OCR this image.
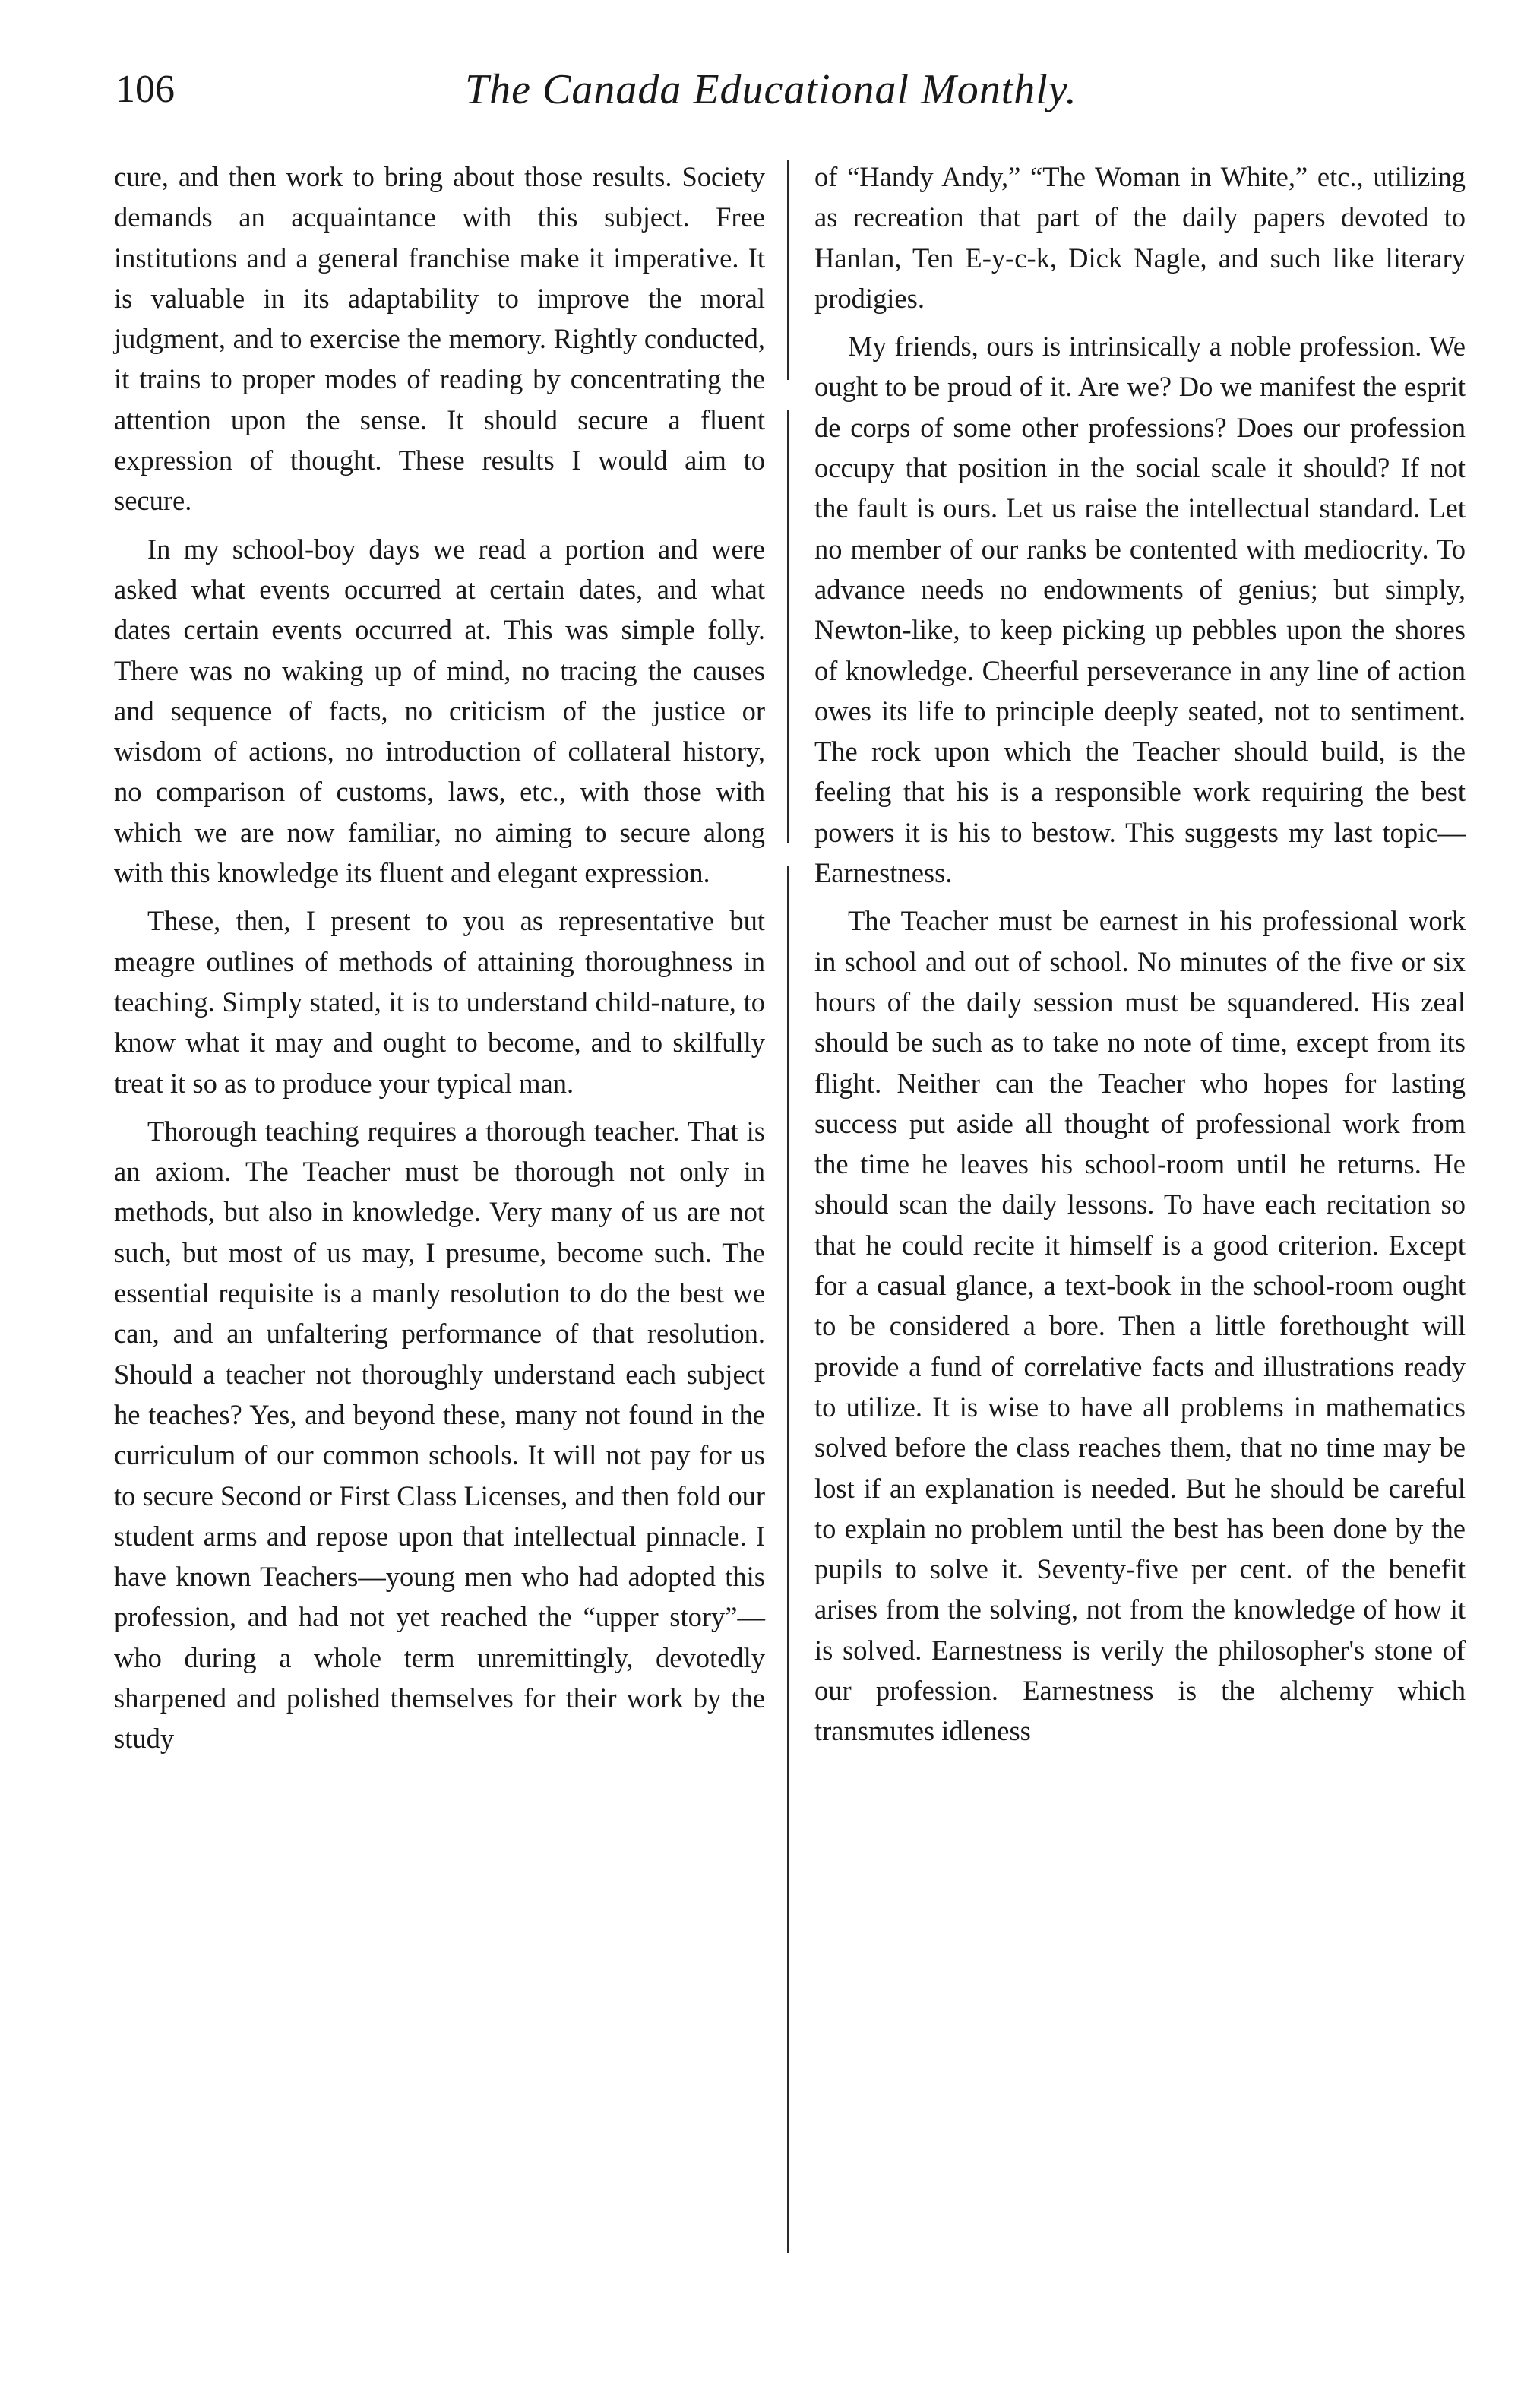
106	The Canada Educational Monthly.

cure, and then work to bring about those results. Society demands an acquaintance with this subject. Free institutions and a general franchise make it imperative. It is valuable in its adaptability to improve the moral judgment, and to exercise the memory. Rightly conducted, it trains to proper modes of reading by concentrating the attention upon the sense. It should secure a fluent expression of thought. These results I would aim to secure.

In my school-boy days we read a portion and were asked what events occurred at certain dates, and what dates certain events occurred at. This was simple folly. There was no waking up of mind, no tracing the causes and sequence of facts, no criticism of the justice or wisdom of actions, no introduction of collateral history, no comparison of customs, laws, etc., with those with which we are now familiar, no aiming to secure along with this knowledge its fluent and elegant expression.

These, then, I present to you as representative but meagre outlines of methods of attaining thoroughness in teaching. Simply stated, it is to understand child-nature, to know what it may and ought to become, and to skilfully treat it so as to produce your typical man.

Thorough teaching requires a thorough teacher. That is an axiom. The Teacher must be thorough not only in methods, but also in knowledge. Very many of us are not such, but most of us may, I presume, become such. The essential requisite is a manly resolution to do the best we can, and an unfaltering performance of that resolution. Should a teacher not thoroughly understand each subject he teaches? Yes, and beyond these, many not found in the curriculum of our common schools. It will not pay for us to secure Second or First Class Licenses, and then fold our student arms and repose upon that intellectual pinnacle. I have known Teachers—young men who had adopted this profession, and had not yet reached the “upper story”—who during a whole term unremittingly, devotedly sharpened and polished themselves for their work by the study

of “Handy Andy,” “The Woman in White,” etc., utilizing as recreation that part of the daily papers devoted to Hanlan, Ten E-y-c-k, Dick Nagle, and such like literary prodigies.

My friends, ours is intrinsically a noble profession. We ought to be proud of it. Are we? Do we manifest the esprit de corps of some other professions? Does our profession occupy that position in the social scale it should? If not the fault is ours. Let us raise the intellectual standard. Let no member of our ranks be contented with mediocrity. To advance needs no endowments of genius; but simply, Newton-like, to keep picking up pebbles upon the shores of knowledge. Cheerful perseverance in any line of action owes its life to principle deeply seated, not to sentiment. The rock upon which the Teacher should build, is the feeling that his is a responsible work requiring the best powers it is his to bestow. This suggests my last topic—Earnestness.

The Teacher must be earnest in his professional work in school and out of school. No minutes of the five or six hours of the daily session must be squandered. His zeal should be such as to take no note of time, except from its flight. Neither can the Teacher who hopes for lasting success put aside all thought of professional work from the time he leaves his school-room until he returns. He should scan the daily lessons. To have each recitation so that he could recite it himself is a good criterion. Except for a casual glance, a text-book in the school-room ought to be considered a bore. Then a little forethought will provide a fund of correlative facts and illustrations ready to utilize. It is wise to have all problems in mathematics solved before the class reaches them, that no time may be lost if an explanation is needed. But he should be careful to explain no problem until the best has been done by the pupils to solve it. Seventy-five per cent. of the benefit arises from the solving, not from the knowledge of how it is solved. Earnestness is verily the philosopher's stone of our profession. Earnestness is the alchemy which transmutes idleness
